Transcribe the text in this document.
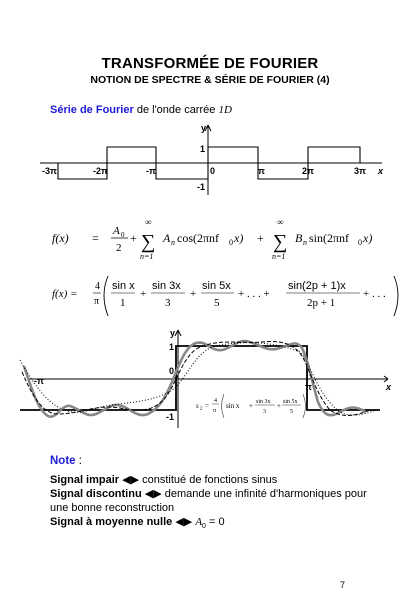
TRANSFORMÉE DE FOURIER
NOTION DE SPECTRE & SÉRIE DE FOURIER (4)
Série de Fourier de l'onde carrée 1D
y
x
-3π	-2π	-π	0	π	2π	3π
1
-1
f(x) = A 0
2
+
∞
∑
n=1
A n cos(2πnf 0 x) +
∞
∑
n=1
B n sin(2πnf 0 x)
f(x) =
4
π
sin x
1
+
sin 3x
3
+
sin 5x
5
+ . . . +
sin(2p + 1)x
2p + 1
+ . . .
y
x
1
0
-1
-π
π
s 2 =
4
π
sin x + sin 3x
3
+ sin 5x
5
Note :
Signal impair ◀▶ constitué de fonctions sinus
Signal discontinu ◀▶ demande une infinité d'harmoniques pour une bonne reconstruction
Signal à moyenne nulle ◀▶ $A_0 = 0$
7
